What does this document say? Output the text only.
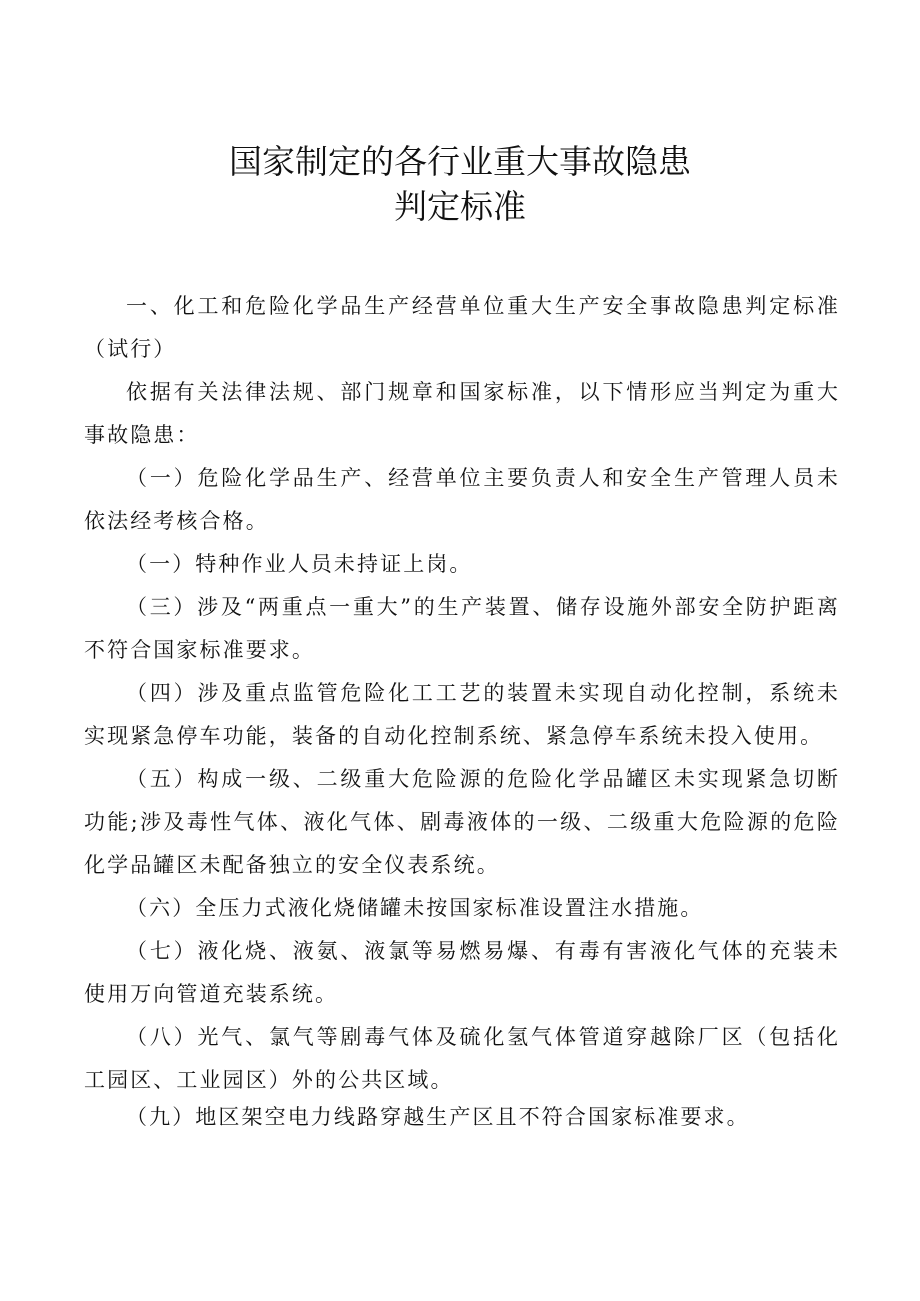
国家制定的各行业重大事故隐患
判定标准

一、化工和危险化学品生产经营单位重大生产安全事故隐患判定标准（试行）

依据有关法律法规、部门规章和国家标准，以下情形应当判定为重大事故隐患：

（一）危险化学品生产、经营单位主要负责人和安全生产管理人员未依法经考核合格。

（一）特种作业人员未持证上岗。

（三）涉及“两重点一重大”的生产装置、储存设施外部安全防护距离不符合国家标准要求。

（四）涉及重点监管危险化工工艺的装置未实现自动化控制，系统未实现紧急停车功能，装备的自动化控制系统、紧急停车系统未投入使用。

（五）构成一级、二级重大危险源的危险化学品罐区未实现紧急切断功能;涉及毒性气体、液化气体、剧毒液体的一级、二级重大危险源的危险化学品罐区未配备独立的安全仪表系统。

（六）全压力式液化烧储罐未按国家标准设置注水措施。

（七）液化烧、液氨、液氯等易燃易爆、有毒有害液化气体的充装未使用万向管道充装系统。

（八）光气、氯气等剧毒气体及硫化氢气体管道穿越除厂区（包括化工园区、工业园区）外的公共区域。

（九）地区架空电力线路穿越生产区且不符合国家标准要求。
